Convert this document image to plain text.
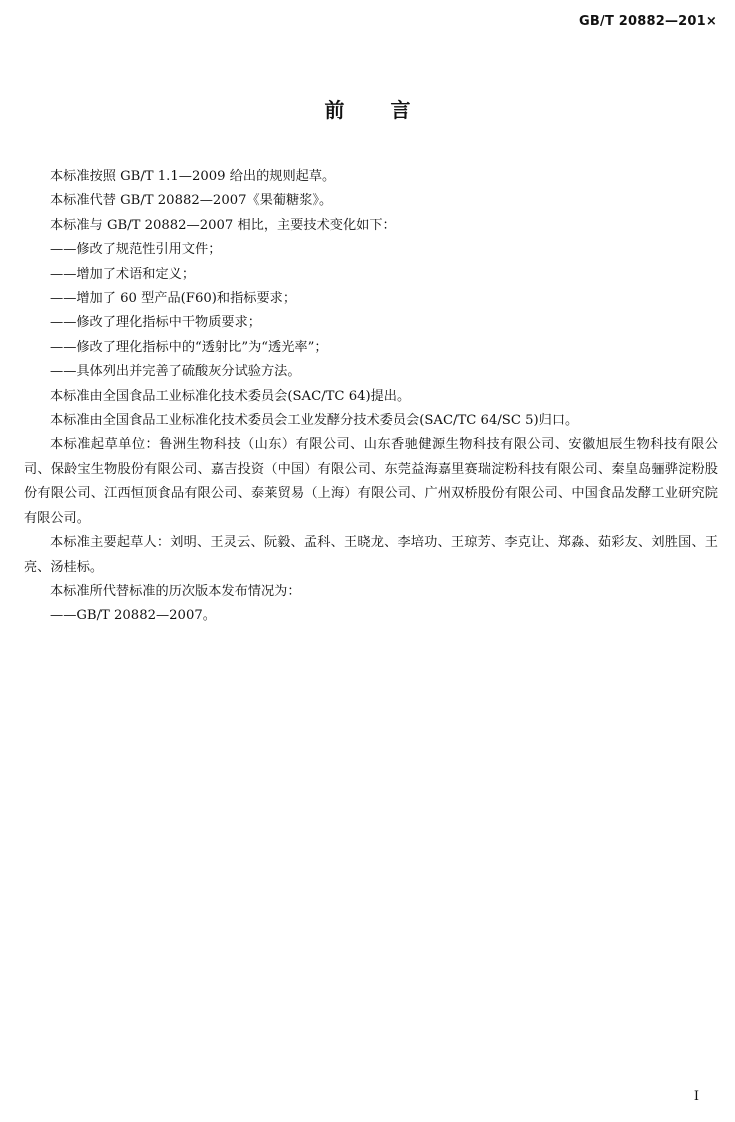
GB/T 20882—201×
前 言

本标准按照 GB/T 1.1—2009 给出的规则起草。

本标准代替 GB/T 20882—2007《果葡糖浆》。

本标准与 GB/T 20882—2007 相比，主要技术变化如下：

——修改了规范性引用文件；

——增加了术语和定义；

——增加了 60 型产品(F60)和指标要求；

——修改了理化指标中干物质要求；

——修改了理化指标中的“透射比”为“透光率”；

——具体列出并完善了硫酸灰分试验方法。

本标准由全国食品工业标准化技术委员会(SAC/TC 64)提出。

本标准由全国食品工业标准化技术委员会工业发酵分技术委员会(SAC/TC 64/SC 5)归口。

本标准起草单位：鲁洲生物科技（山东）有限公司、山东香驰健源生物科技有限公司、安徽旭辰生物科技有限公司、保龄宝生物股份有限公司、嘉吉投资（中国）有限公司、东莞益海嘉里赛瑞淀粉科技有限公司、秦皇岛骊骅淀粉股份有限公司、江西恒顶食品有限公司、泰莱贸易（上海）有限公司、广州双桥股份有限公司、中国食品发酵工业研究院有限公司。

本标准主要起草人：刘明、王灵云、阮毅、孟科、王晓龙、李培功、王琼芳、李克让、郑淼、茹彩友、刘胜国、王亮、汤桂标。

本标准所代替标准的历次版本发布情况为：

——GB/T 20882—2007。

I
